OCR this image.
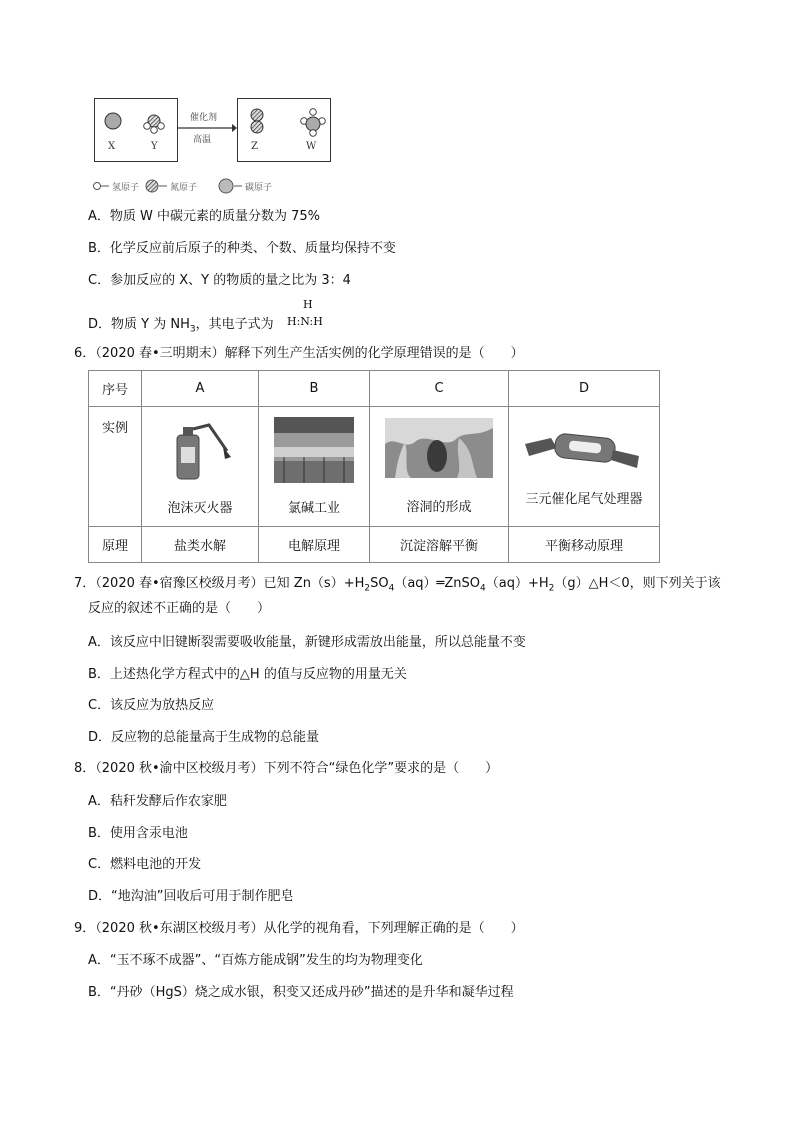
X	Y
催化剂
高温
Z	W
氢原子	氮原子	碳原子
A．物质 W 中碳元素的质量分数为 75%
B．化学反应前后原子的种类、个数、质量均保持不变
C．参加反应的 X、Y 的物质的量之比为 3：4
D．物质 Y 为 $NH_3$，其电子式为
H
H:N:H
6．（2020 春•三明期末）解释下列生产生活实例的化学原理错误的是（　　）
序号	A	B	C	D
实例	泡沫灭火器	氯碱工业	溶洞的形成	三元催化尾气处理器

原理	盐类水解	电解原理	沉淀溶解平衡	平衡移动原理
7．（2020 春•宿豫区校级月考）已知 $Zn(s)+H_2SO_4(aq)═ZnSO_4(aq)+H_2(g)\triangle H<0$，则下列关于该
反应的叙述不正确的是（　　）
A．该反应中旧键断裂需要吸收能量，新键形成需放出能量，所以总能量不变
B．上述热化学方程式中的△H 的值与反应物的用量无关
C．该反应为放热反应
D．反应物的总能量高于生成物的总能量
8．（2020 秋•渝中区校级月考）下列不符合“绿色化学”要求的是（　　）
A．秸秆发酵后作农家肥
B．使用含汞电池
C．燃料电池的开发
D．“地沟油”回收后可用于制作肥皂
9．（2020 秋•东湖区校级月考）从化学的视角看，下列理解正确的是（　　）
A．“玉不琢不成器”、“百炼方能成钢”发生的均为物理变化
B．“丹砂（HgS）烧之成水银，积变又还成丹砂”描述的是升华和凝华过程
